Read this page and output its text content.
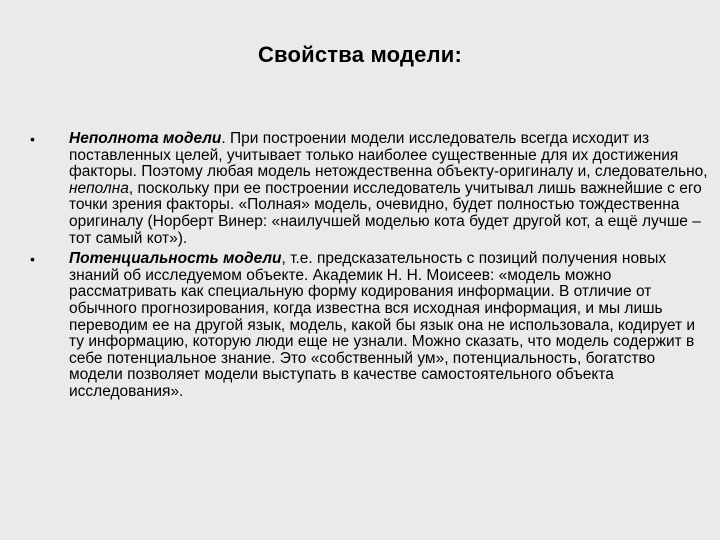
Свойства модели:
• Неполнота модели. При построении модели исследователь всегда исходит из поставленных целей, учитывает только наиболее существенные для их достижения факторы. Поэтому любая модель нетождественна объекту-оригиналу и, следовательно, неполна, поскольку при ее построении исследователь учитывал лишь важнейшие с его точки зрения факторы. «Полная» модель, очевидно, будет полностью тождественна оригиналу (Норберт Винер: «наилучшей моделью кота будет другой кот, а ещё лучше – тот самый кот»).
• Потенциальность модели, т.е. предсказательность с позиций получения новых знаний об исследуемом объекте. Академик Н. Н. Моисеев: «модель можно рассматривать как специальную форму кодирования информации. В отличие от обычного прогнозирования, когда известна вся исходная информация, и мы лишь переводим ее на другой язык, модель, какой бы язык она не использовала, кодирует и ту информацию, которую люди еще не узнали. Можно сказать, что модель содержит в себе потенциальное знание. Это «собственный ум», потенциальность, богатство модели позволяет модели выступать в качестве самостоятельного объекта исследования».
